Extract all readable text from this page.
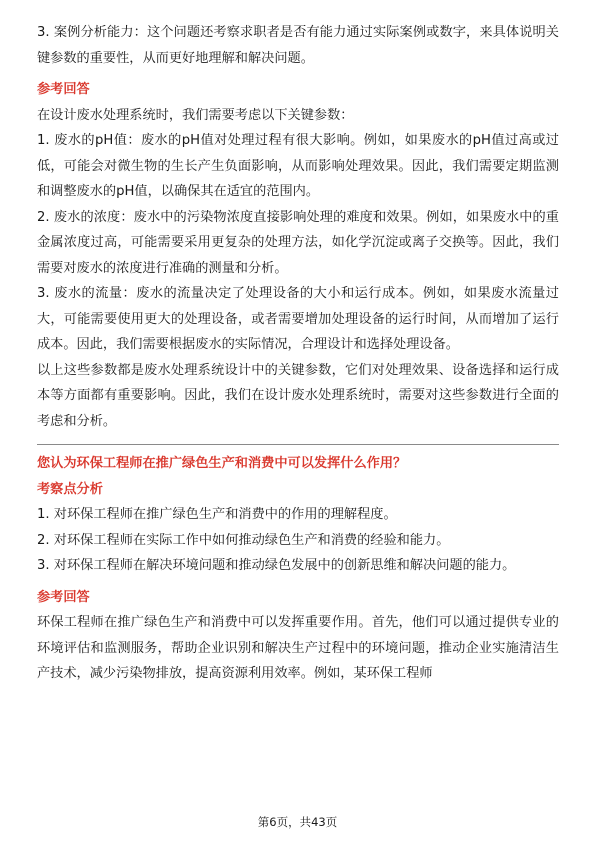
3. 案例分析能力：这个问题还考察求职者是否有能力通过实际案例或数字，来具体说明关键参数的重要性，从而更好地理解和解决问题。

参考回答

在设计废水处理系统时，我们需要考虑以下关键参数：

1. 废水的pH值：废水的pH值对处理过程有很大影响。例如，如果废水的pH值过高或过低，可能会对微生物的生长产生负面影响，从而影响处理效果。因此，我们需要定期监测和调整废水的pH值，以确保其在适宜的范围内。

2. 废水的浓度：废水中的污染物浓度直接影响处理的难度和效果。例如，如果废水中的重金属浓度过高，可能需要采用更复杂的处理方法，如化学沉淀或离子交换等。因此，我们需要对废水的浓度进行准确的测量和分析。

3. 废水的流量：废水的流量决定了处理设备的大小和运行成本。例如，如果废水流量过大，可能需要使用更大的处理设备，或者需要增加处理设备的运行时间，从而增加了运行成本。因此，我们需要根据废水的实际情况，合理设计和选择处理设备。

以上这些参数都是废水处理系统设计中的关键参数，它们对处理效果、设备选择和运行成本等方面都有重要影响。因此，我们在设计废水处理系统时，需要对这些参数进行全面的考虑和分析。

您认为环保工程师在推广绿色生产和消费中可以发挥什么作用？

考察点分析

1. 对环保工程师在推广绿色生产和消费中的作用的理解程度。

2. 对环保工程师在实际工作中如何推动绿色生产和消费的经验和能力。

3. 对环保工程师在解决环境问题和推动绿色发展中的创新思维和解决问题的能力。

参考回答

环保工程师在推广绿色生产和消费中可以发挥重要作用。首先，他们可以通过提供专业的环境评估和监测服务，帮助企业识别和解决生产过程中的环境问题，推动企业实施清洁生产技术，减少污染物排放，提高资源利用效率。例如，某环保工程师

第6页，共43页
